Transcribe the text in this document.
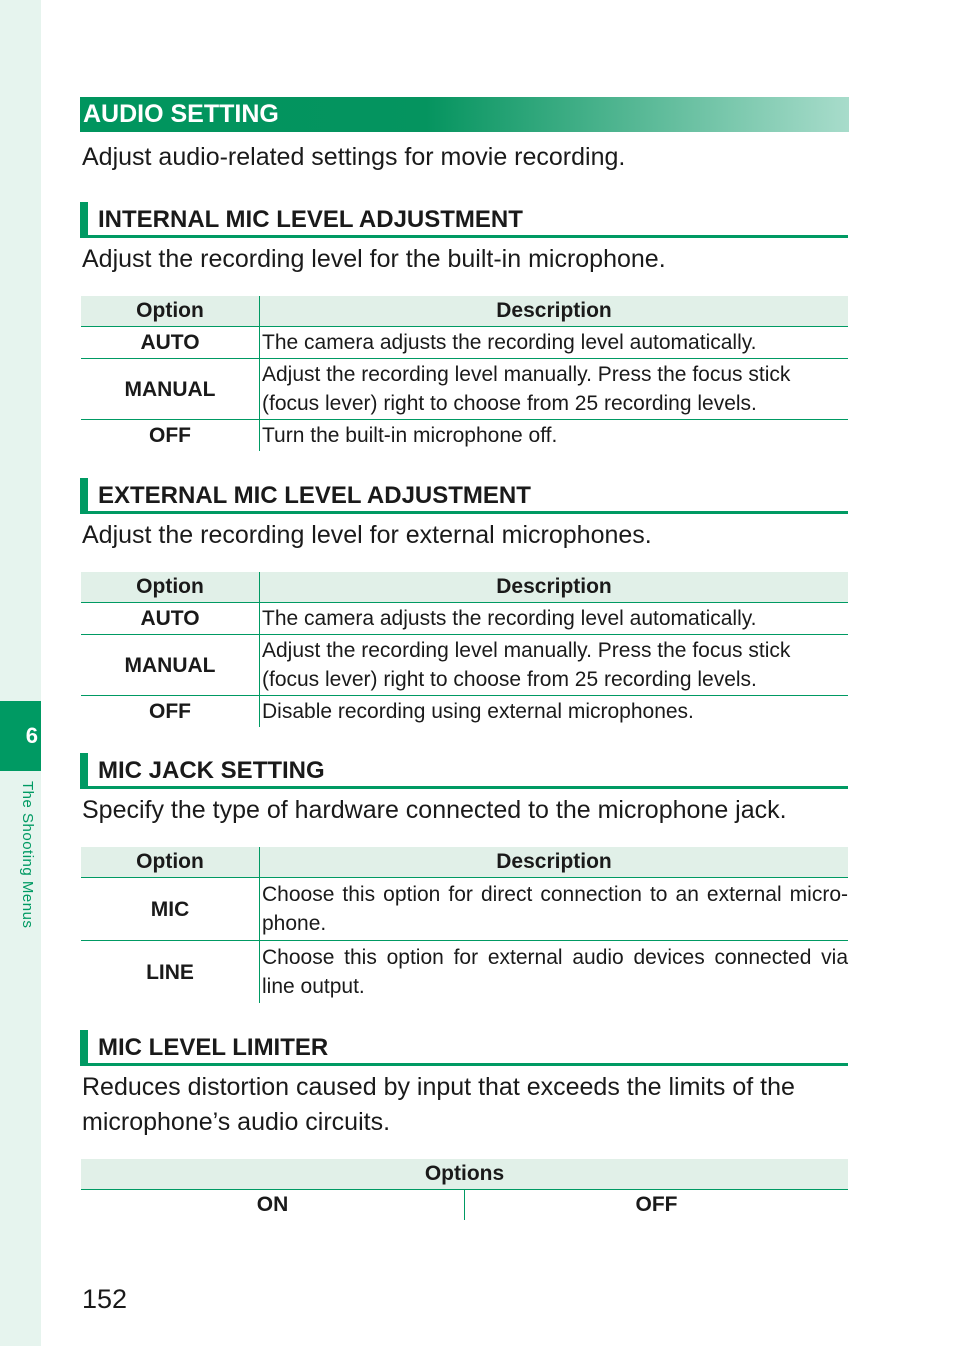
6
The Shooting Menus
AUDIO SETTING
Adjust audio-related settings for movie recording.
INTERNAL MIC LEVEL ADJUSTMENT
Adjust the recording level for the built-in microphone.
Option	Description
AUTO	The camera adjusts the recording level automatically.
MANUAL	Adjust the recording level manually. Press the focus stick (focus lever) right to choose from 25 recording levels.
OFF	Turn the built-in microphone off.
EXTERNAL MIC LEVEL ADJUSTMENT
Adjust the recording level for external microphones.
Option	Description
AUTO	The camera adjusts the recording level automatically.
MANUAL	Adjust the recording level manually. Press the focus stick (focus lever) right to choose from 25 recording levels.
OFF	Disable recording using external microphones.
MIC JACK SETTING
Specify the type of hardware connected to the microphone jack.
Option	Description
MIC	Choose this option for direct connection to an external micro-phone.
LINE	Choose this option for external audio devices connected via line output.
MIC LEVEL LIMITER
Reduces distortion caused by input that exceeds the limits of the microphone’s audio circuits.
Options
ON	OFF
152
